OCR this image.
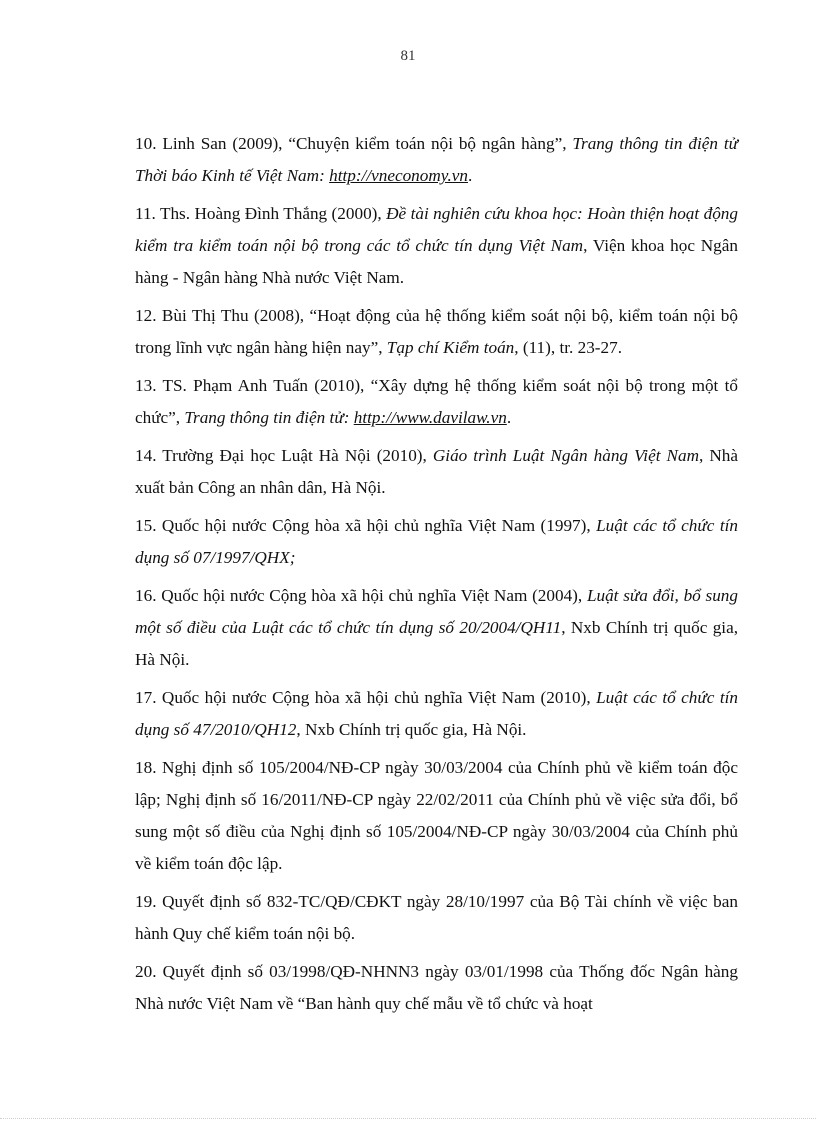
81

10. Linh San (2009), “Chuyện kiểm toán nội bộ ngân hàng”, Trang thông tin điện tử Thời báo Kinh tế Việt Nam: http://vneconomy.vn.

11. Ths. Hoàng Đình Thắng (2000), Đề tài nghiên cứu khoa học: Hoàn thiện hoạt động kiểm tra kiểm toán nội bộ trong các tổ chức tín dụng Việt Nam, Viện khoa học Ngân hàng - Ngân hàng Nhà nước Việt Nam.

12. Bùi Thị Thu (2008), “Hoạt động của hệ thống kiểm soát nội bộ, kiểm toán nội bộ trong lĩnh vực ngân hàng hiện nay”, Tạp chí Kiểm toán, (11), tr. 23-27.

13. TS. Phạm Anh Tuấn (2010), “Xây dựng hệ thống kiểm soát nội bộ trong một tổ chức”, Trang thông tin điện tử: http://www.davilaw.vn.

14. Trường Đại học Luật Hà Nội (2010), Giáo trình Luật Ngân hàng Việt Nam, Nhà xuất bản Công an nhân dân, Hà Nội.

15. Quốc hội nước Cộng hòa xã hội chủ nghĩa Việt Nam (1997), Luật các tổ chức tín dụng số 07/1997/QHX;

16. Quốc hội nước Cộng hòa xã hội chủ nghĩa Việt Nam (2004), Luật sửa đổi, bổ sung một số điều của Luật các tổ chức tín dụng số 20/2004/QH11, Nxb Chính trị quốc gia, Hà Nội.

17. Quốc hội nước Cộng hòa xã hội chủ nghĩa Việt Nam (2010), Luật các tổ chức tín dụng số 47/2010/QH12, Nxb Chính trị quốc gia, Hà Nội.

18. Nghị định số 105/2004/NĐ-CP ngày 30/03/2004 của Chính phủ về kiểm toán độc lập; Nghị định số 16/2011/NĐ-CP ngày 22/02/2011 của Chính phủ về việc sửa đổi, bổ sung một số điều của Nghị định số 105/2004/NĐ-CP ngày 30/03/2004 của Chính phủ về kiểm toán độc lập.

19. Quyết định số 832-TC/QĐ/CĐKT ngày 28/10/1997 của Bộ Tài chính về việc ban hành Quy chế kiểm toán nội bộ.

20. Quyết định số 03/1998/QĐ-NHNN3 ngày 03/01/1998 của Thống đốc Ngân hàng Nhà nước Việt Nam về “Ban hành quy chế mẫu về tổ chức và hoạt
